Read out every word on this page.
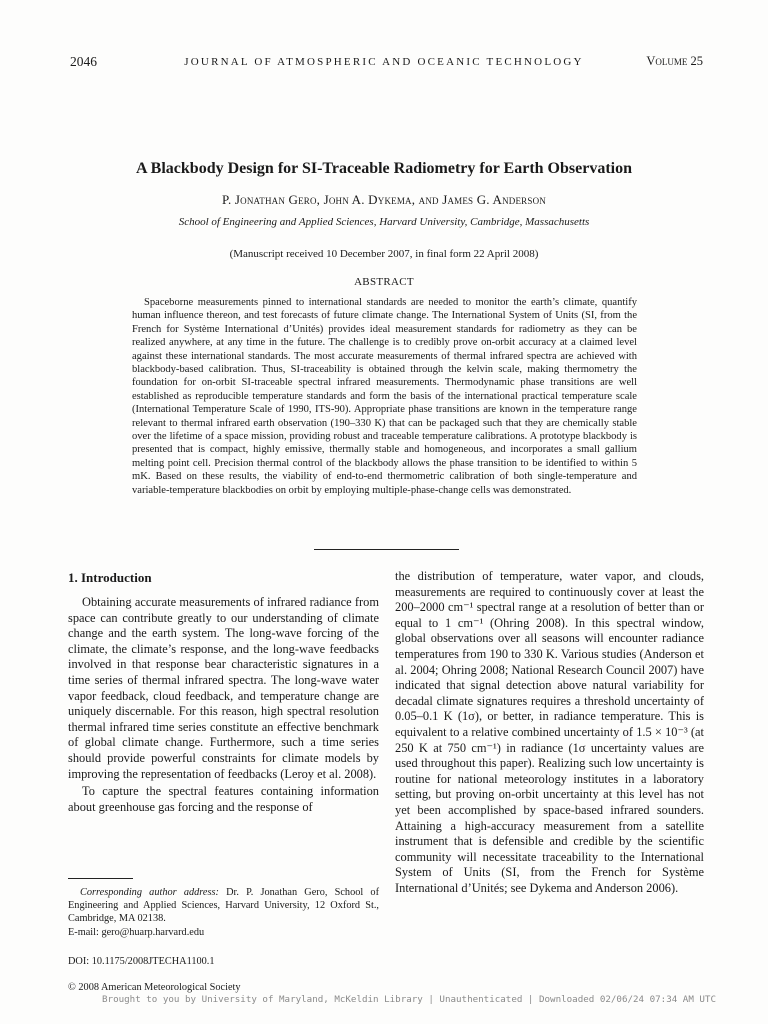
2046	JOURNAL OF ATMOSPHERIC AND OCEANIC TECHNOLOGY	Volume 25
A Blackbody Design for SI-Traceable Radiometry for Earth Observation
P. Jonathan Gero, John A. Dykema, and James G. Anderson
School of Engineering and Applied Sciences, Harvard University, Cambridge, Massachusetts
(Manuscript received 10 December 2007, in final form 22 April 2008)
ABSTRACT
Spaceborne measurements pinned to international standards are needed to monitor the earth’s climate, quantify human influence thereon, and test forecasts of future climate change. The International System of Units (SI, from the French for Système International d’Unités) provides ideal measurement standards for radiometry as they can be realized anywhere, at any time in the future. The challenge is to credibly prove on-orbit accuracy at a claimed level against these international standards. The most accurate measurements of thermal infrared spectra are achieved with blackbody-based calibration. Thus, SI-traceability is obtained through the kelvin scale, making thermometry the foundation for on-orbit SI-traceable spectral infrared measurements. Thermodynamic phase transitions are well established as reproducible temperature standards and form the basis of the international practical temperature scale (International Temperature Scale of 1990, ITS-90). Appropriate phase transitions are known in the temperature range relevant to thermal infrared earth observation (190–330 K) that can be packaged such that they are chemically stable over the lifetime of a space mission, providing robust and traceable temperature calibrations. A prototype blackbody is presented that is compact, highly emissive, thermally stable and homogeneous, and incorporates a small gallium melting point cell. Precision thermal control of the blackbody allows the phase transition to be identified to within 5 mK. Based on these results, the viability of end-to-end thermometric calibration of both single-temperature and variable-temperature blackbodies on orbit by employing multiple-phase-change cells was demonstrated.
1. Introduction

Obtaining accurate measurements of infrared radiance from space can contribute greatly to our understanding of climate change and the earth system. The long-wave forcing of the climate, the climate’s response, and the long-wave feedbacks involved in that response bear characteristic signatures in a time series of thermal infrared spectra. The long-wave water vapor feedback, cloud feedback, and temperature change are uniquely discernable. For this reason, high spectral resolution thermal infrared time series constitute an effective benchmark of global climate change. Furthermore, such a time series should provide powerful constraints for climate models by improving the representation of feedbacks (Leroy et al. 2008).

To capture the spectral features containing information about greenhouse gas forcing and the response of

the distribution of temperature, water vapor, and clouds, measurements are required to continuously cover at least the 200–2000 cm⁻¹ spectral range at a resolution of better than or equal to 1 cm⁻¹ (Ohring 2008). In this spectral window, global observations over all seasons will encounter radiance temperatures from 190 to 330 K. Various studies (Anderson et al. 2004; Ohring 2008; National Research Council 2007) have indicated that signal detection above natural variability for decadal climate signatures requires a threshold uncertainty of 0.05–0.1 K (1σ), or better, in radiance temperature. This is equivalent to a relative combined uncertainty of 1.5 × 10⁻³ (at 250 K at 750 cm⁻¹) in radiance (1σ uncertainty values are used throughout this paper). Realizing such low uncertainty is routine for national meteorology institutes in a laboratory setting, but proving on-orbit uncertainty at this level has not yet been accomplished by space-based infrared sounders. Attaining a high-accuracy measurement from a satellite instrument that is defensible and credible by the scientific community will necessitate traceability to the International System of Units (SI, from the French for Système International d’Unités; see Dykema and Anderson 2006).

Corresponding author address: Dr. P. Jonathan Gero, School of Engineering and Applied Sciences, Harvard University, 12 Oxford St., Cambridge, MA 02138.
E-mail: gero@huarp.harvard.edu
DOI: 10.1175/2008JTECHA1100.1
© 2008 American Meteorological Society
Brought to you by University of Maryland, McKeldin Library | Unauthenticated | Downloaded 02/06/24 07:34 AM UTC
